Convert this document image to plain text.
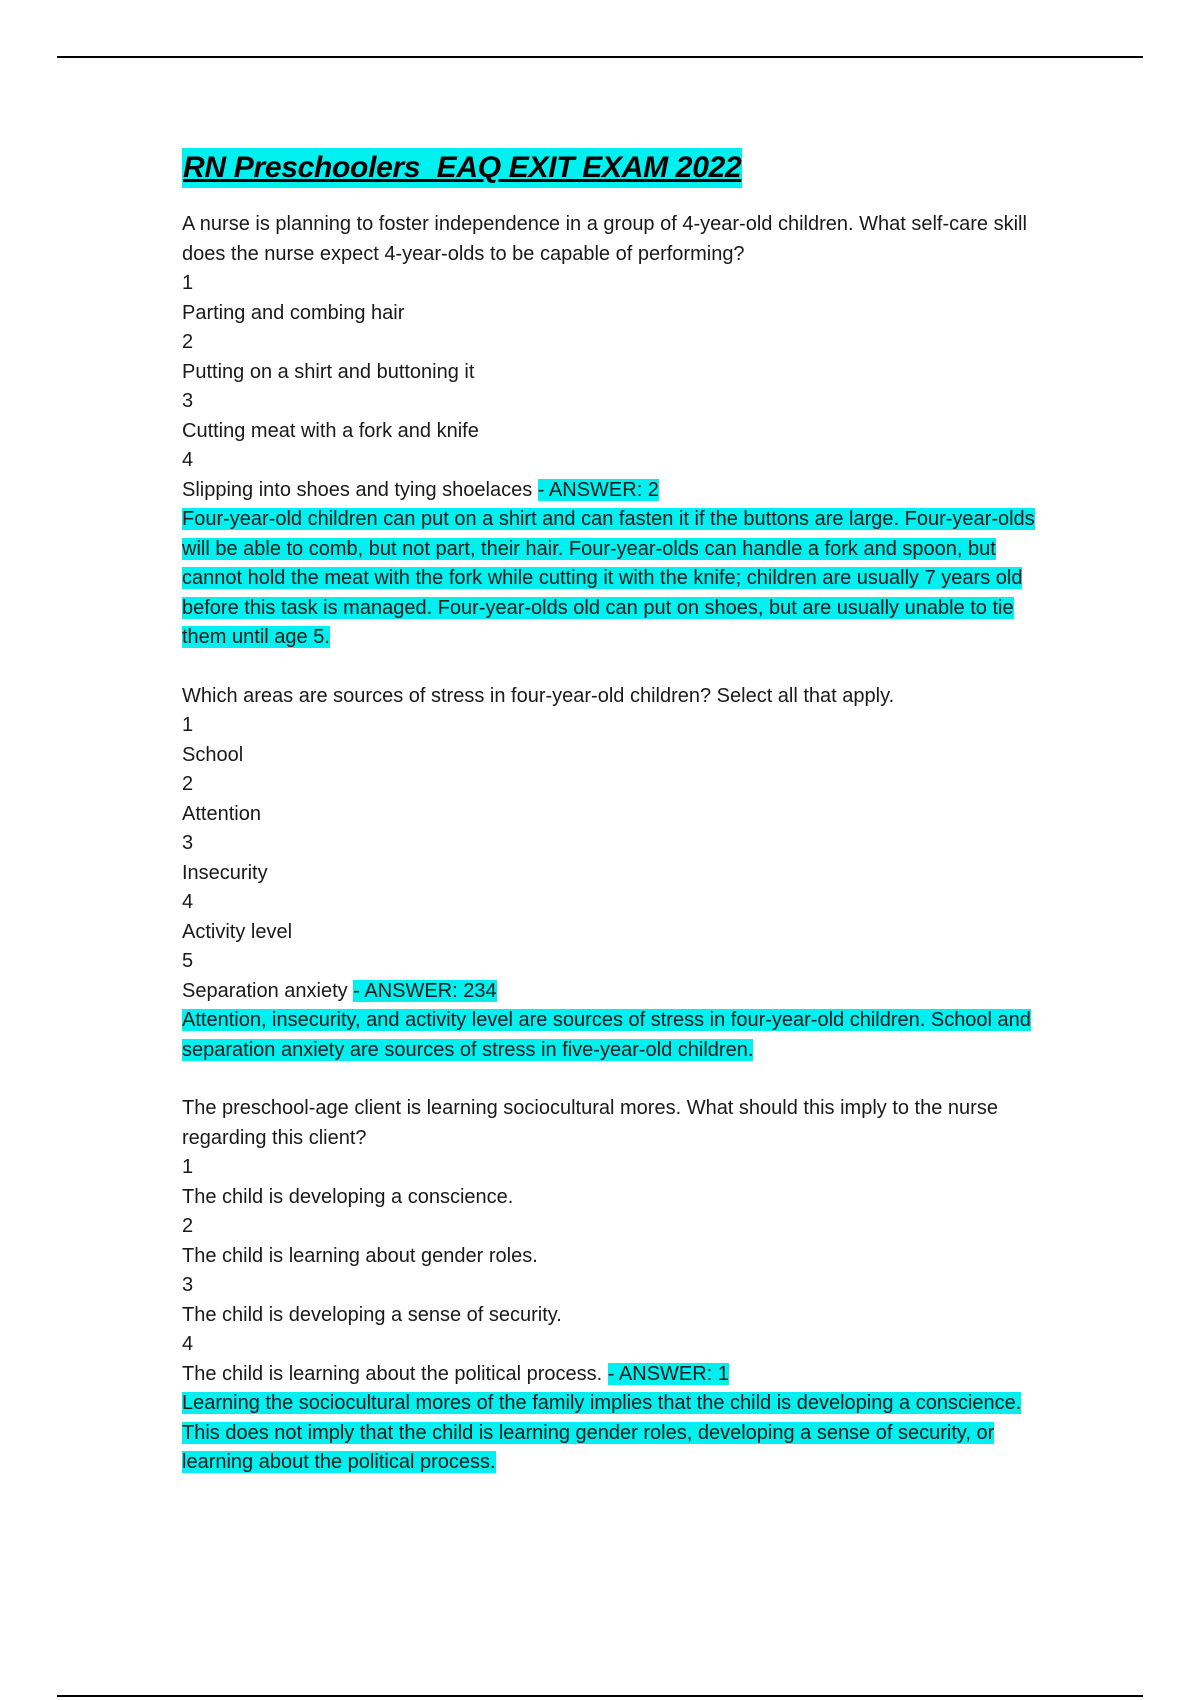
RN Preschoolers_EAQ EXIT EXAM 2022

A nurse is planning to foster independence in a group of 4-year-old children. What self-care skill does the nurse expect 4-year-olds to be capable of performing?

1

Parting and combing hair

2

Putting on a shirt and buttoning it

3

Cutting meat with a fork and knife

4

Slipping into shoes and tying shoelaces - ANSWER: 2

Four-year-old children can put on a shirt and can fasten it if the buttons are large. Four-year-olds will be able to comb, but not part, their hair. Four-year-olds can handle a fork and spoon, but cannot hold the meat with the fork while cutting it with the knife; children are usually 7 years old before this task is managed. Four-year-olds old can put on shoes, but are usually unable to tie them until age 5.

Which areas are sources of stress in four-year-old children? Select all that apply.

1

School

2

Attention

3

Insecurity

4

Activity level

5

Separation anxiety - ANSWER: 234

Attention, insecurity, and activity level are sources of stress in four-year-old children. School and separation anxiety are sources of stress in five-year-old children.

The preschool-age client is learning sociocultural mores. What should this imply to the nurse regarding this client?

1

The child is developing a conscience.

2

The child is learning about gender roles.

3

The child is developing a sense of security.

4

The child is learning about the political process. - ANSWER: 1

Learning the sociocultural mores of the family implies that the child is developing a conscience. This does not imply that the child is learning gender roles, developing a sense of security, or learning about the political process.
